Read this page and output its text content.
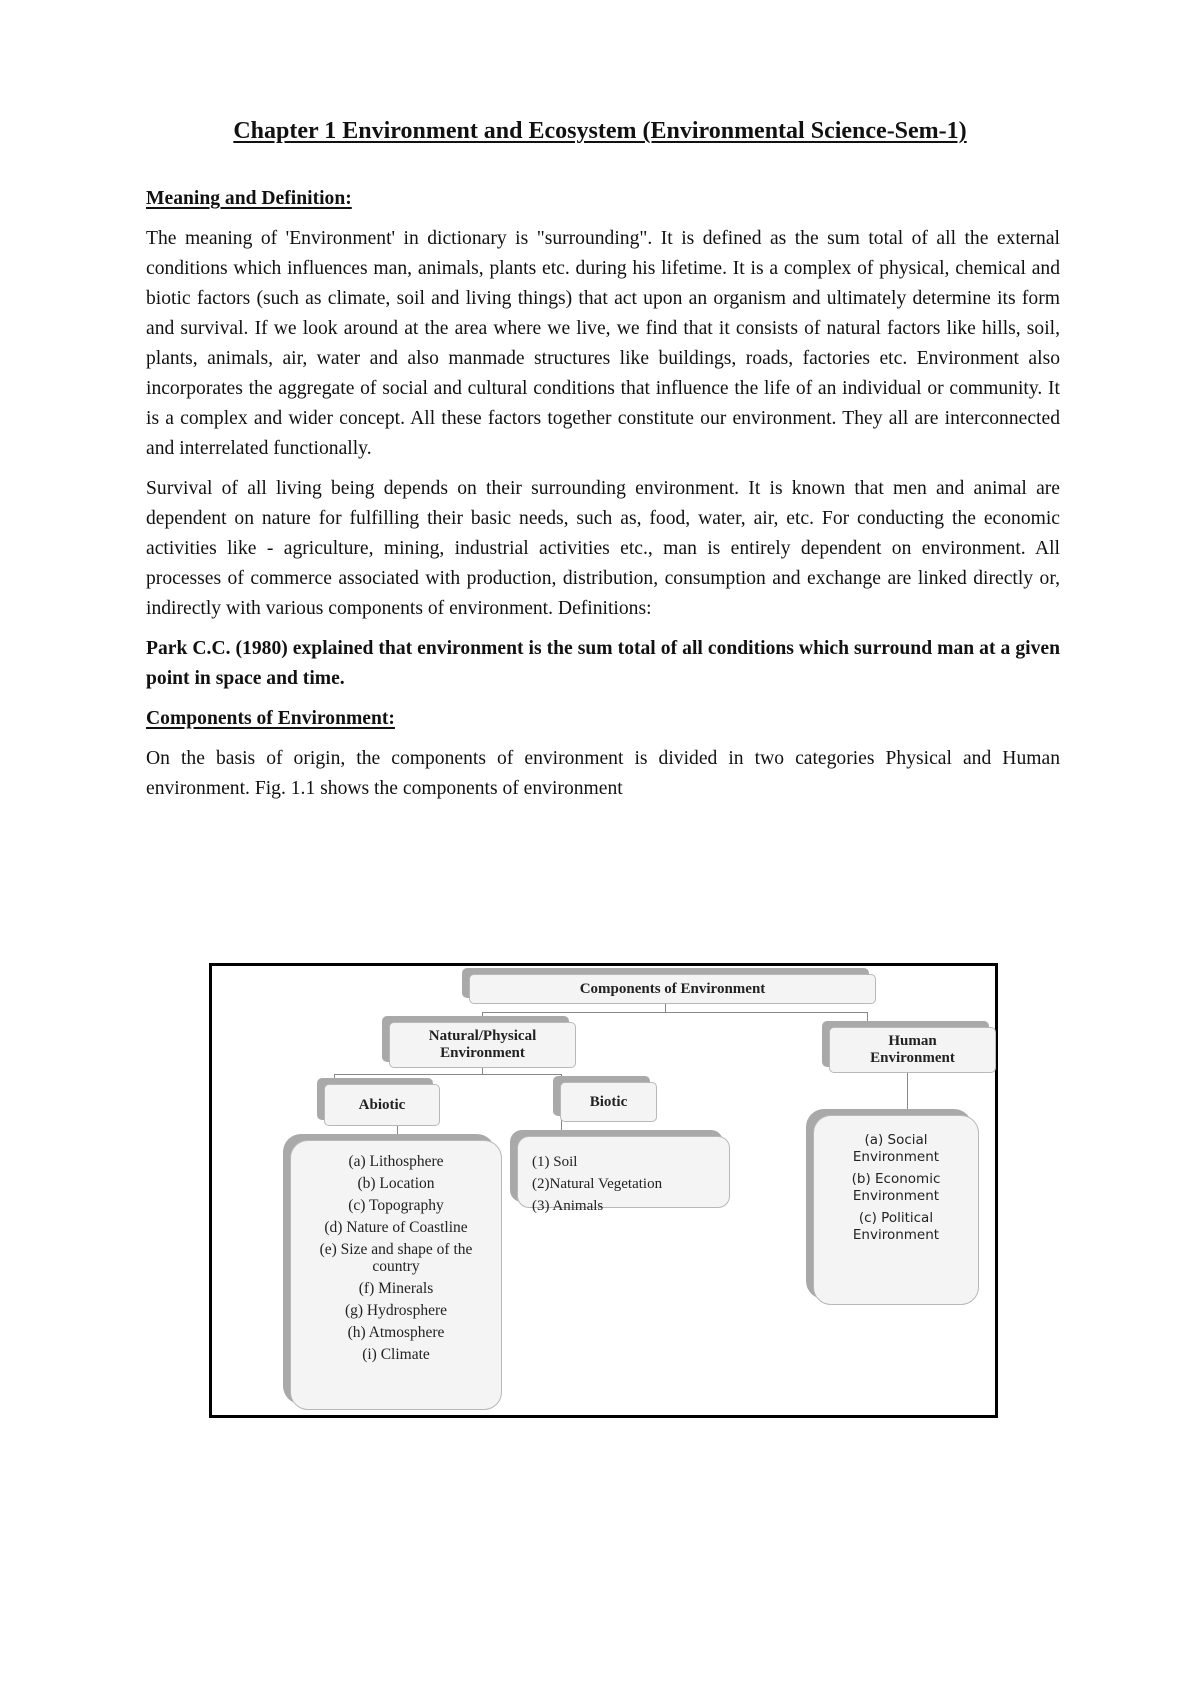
Chapter 1 Environment and Ecosystem (Environmental Science-Sem-1)

Meaning and Definition:

The meaning of 'Environment' in dictionary is "surrounding". It is defined as the sum total of all the external conditions which influences man, animals, plants etc. during his lifetime. It is a complex of physical, chemical and biotic factors (such as climate, soil and living things) that act upon an organism and ultimately determine its form and survival. If we look around at the area where we live, we find that it consists of natural factors like hills, soil, plants, animals, air, water and also manmade structures like buildings, roads, factories etc. Environment also incorporates the aggregate of social and cultural conditions that influence the life of an individual or community. It is a complex and wider concept. All these factors together constitute our environment. They all are interconnected and interrelated functionally.

Survival of all living being depends on their surrounding environment. It is known that men and animal are dependent on nature for fulfilling their basic needs, such as, food, water, air, etc. For conducting the economic activities like - agriculture, mining, industrial activities etc., man is entirely dependent on environment. All processes of commerce associated with production, distribution, consumption and exchange are linked directly or, indirectly with various components of environment. Definitions:

Park C.C. (1980) explained that environment is the sum total of all conditions which surround man at a given point in space and time.

Components of Environment:

On the basis of origin, the components of environment is divided in two categories Physical and Human environment. Fig. 1.1 shows the components of environment

Components of Environment
Natural/Physical
Environment
Human
Environment
Abiotic	Biotic
(a) Lithosphere
(b) Location
(c) Topography
(d) Nature of Coastline
(e) Size and shape of the country
(f) Minerals
(g) Hydrosphere
(h) Atmosphere
(i) Climate
(1) Soil
(2)Natural Vegetation
(3) Animals
(a) Social Environment
(b) Economic Environment
(c) Political Environment
